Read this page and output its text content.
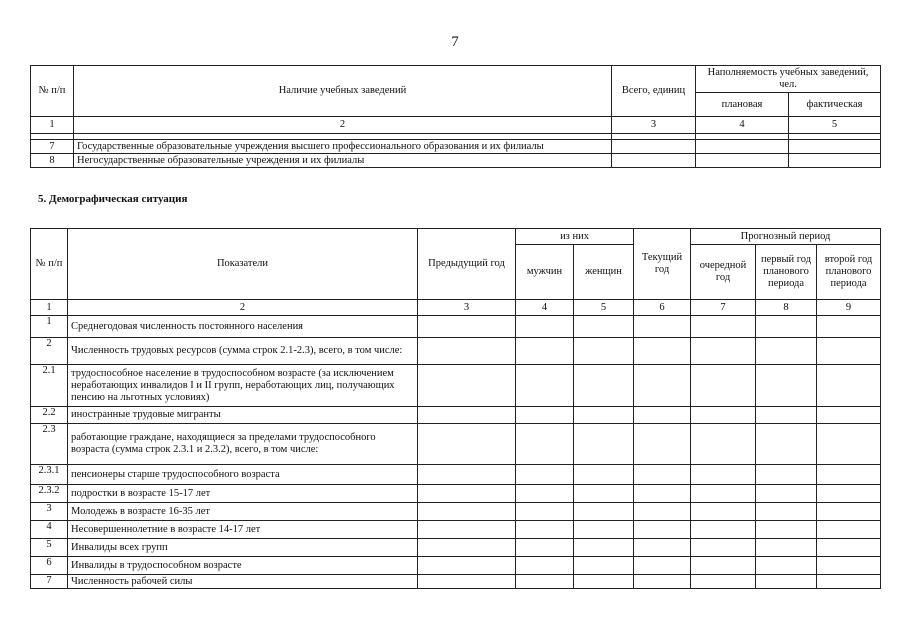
7
№ п/п	Наличие учебных заведений	Всего, единиц	Наполняемость учебных заведений, чел.	
			плановая	фактическая
1	2	3	4	5

7	Государственные образовательные учреждения высшего профессионального образования и их филиалы			
8	Негосударственные образовательные учреждения и их филиалы			
5. Демографическая ситуация
№ п/п	Показатели	Предыдущий год	из них		Текущий год	Прогнозный период		
			мужчин	женщин		очередной год	первый год планового периода	второй год планового периода
1	2	3	4	5	6	7	8	9
1	Среднегодовая численность постоянного населения							
2	Численность трудовых ресурсов (сумма строк 2.1-2.3), всего, в том числе:							
2.1	трудоспособное население в трудоспособном возрасте (за исключением неработающих инвалидов I и II групп, неработающих лиц, получающих пенсию на льготных условиях)							
2.2	иностранные трудовые мигранты							
2.3	работающие граждане, находящиеся за пределами трудоспособного возраста (сумма строк 2.3.1 и 2.3.2), всего, в том числе:							
2.3.1	пенсионеры старше трудоспособного возраста							
2.3.2	подростки в возрасте 15-17 лет							
3	Молодежь в возрасте 16-35 лет							
4	Несовершеннолетние в возрасте 14-17 лет							
5	Инвалиды всех групп							
6	Инвалиды в трудоспособном возрасте							
7	Численность рабочей силы							
